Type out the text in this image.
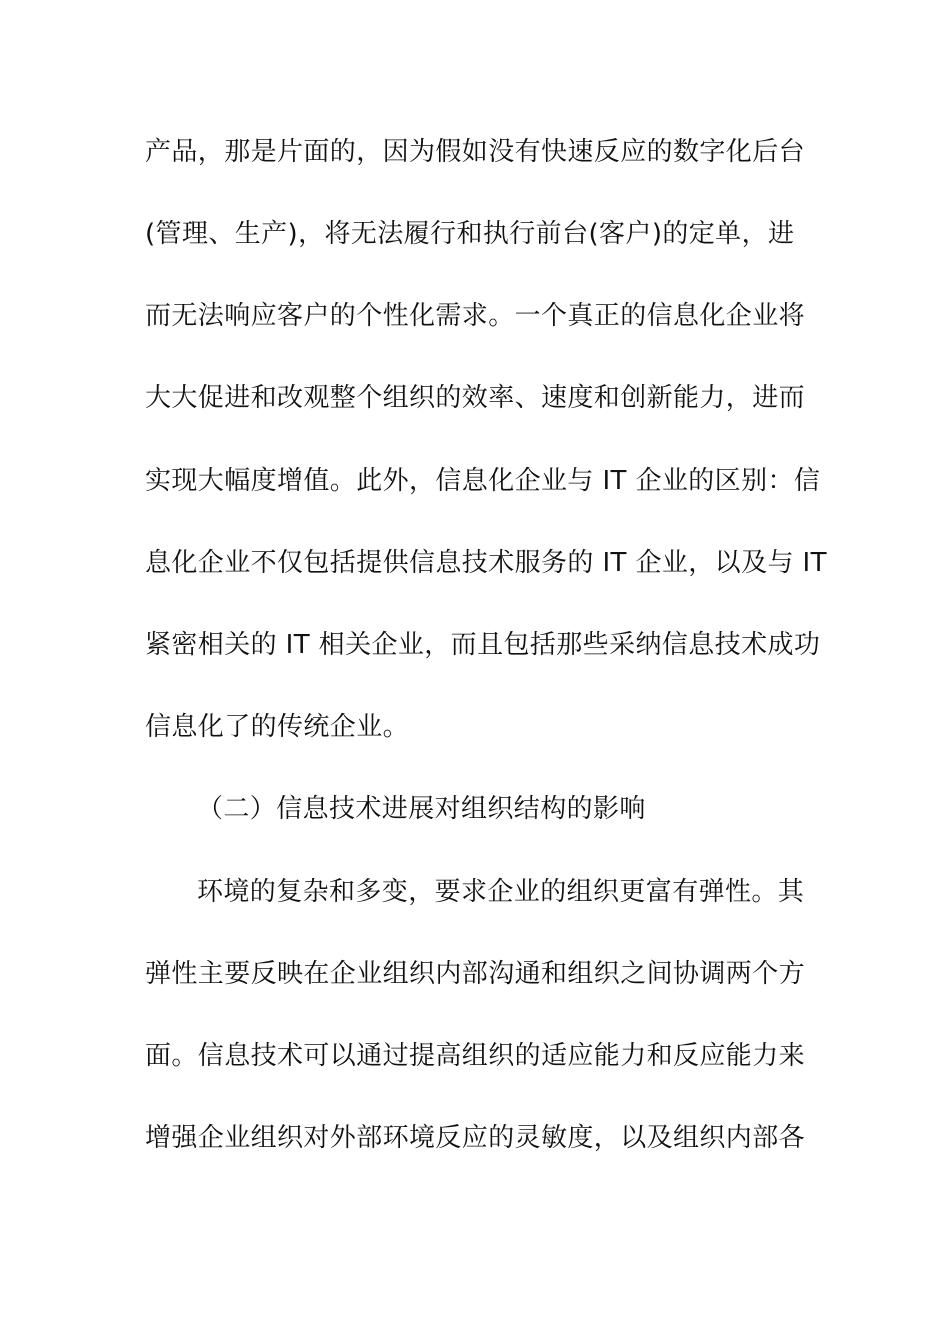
产品，那是片面的，因为假如没有快速反应的数字化后台
(管理、生产)，将无法履行和执行前台(客户)的定单，进
而无法响应客户的个性化需求。一个真正的信息化企业将
大大促进和改观整个组织的效率、速度和创新能力，进而
实现大幅度增值。此外，信息化企业与 IT 企业的区别：信
息化企业不仅包括提供信息技术服务的 IT 企业，以及与 IT
紧密相关的 IT 相关企业，而且包括那些采纳信息技术成功
信息化了的传统企业。
（二）信息技术进展对组织结构的影响
环境的复杂和多变，要求企业的组织更富有弹性。其
弹性主要反映在企业组织内部沟通和组织之间协调两个方
面。信息技术可以通过提高组织的适应能力和反应能力来
增强企业组织对外部环境反应的灵敏度，以及组织内部各
